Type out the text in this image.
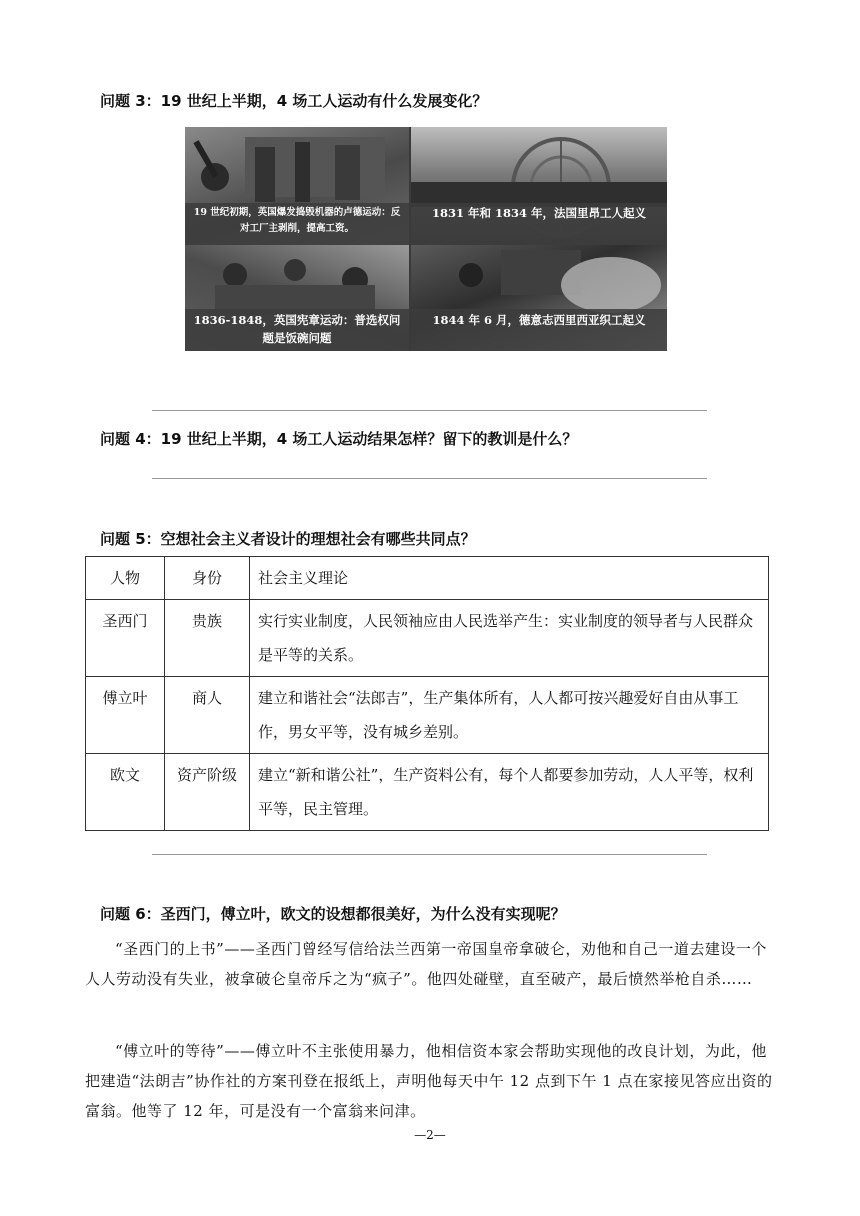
问题 3：19 世纪上半期，4 场工人运动有什么发展变化？
19 世纪初期，英国爆发捣毁机器的卢德运动：反对工厂主剥削，提高工资。
1831 年和 1834 年，法国里昂工人起义
1836-1848，英国宪章运动：普选权问题是饭碗问题
1844 年 6 月，德意志西里西亚织工起义
问题 4：19 世纪上半期，4 场工人运动结果怎样？留下的教训是什么？
问题 5：空想社会主义者设计的理想社会有哪些共同点？
人物	身份	社会主义理论
圣西门	贵族	实行实业制度，人民领袖应由人民选举产生：实业制度的领导者与人民群众是平等的关系。
傅立叶	商人	建立和谐社会“法郎吉”，生产集体所有，人人都可按兴趣爱好自由从事工作，男女平等，没有城乡差别。
欧文	资产阶级	建立“新和谐公社”，生产资料公有，每个人都要参加劳动，人人平等，权利平等，民主管理。
问题 6：圣西门，傅立叶，欧文的设想都很美好，为什么没有实现呢？
“圣西门的上书”——圣西门曾经写信给法兰西第一帝国皇帝拿破仑，劝他和自己一道去建设一个人人劳动没有失业，被拿破仑皇帝斥之为“疯子”。他四处碰壁，直至破产，最后愤然举枪自杀……
“傅立叶的等待”——傅立叶不主张使用暴力，他相信资本家会帮助实现他的改良计划，为此，他把建造“法朗吉”协作社的方案刊登在报纸上，声明他每天中午 12 点到下午 1 点在家接见答应出资的富翁。他等了 12 年，可是没有一个富翁来问津。
—2—
